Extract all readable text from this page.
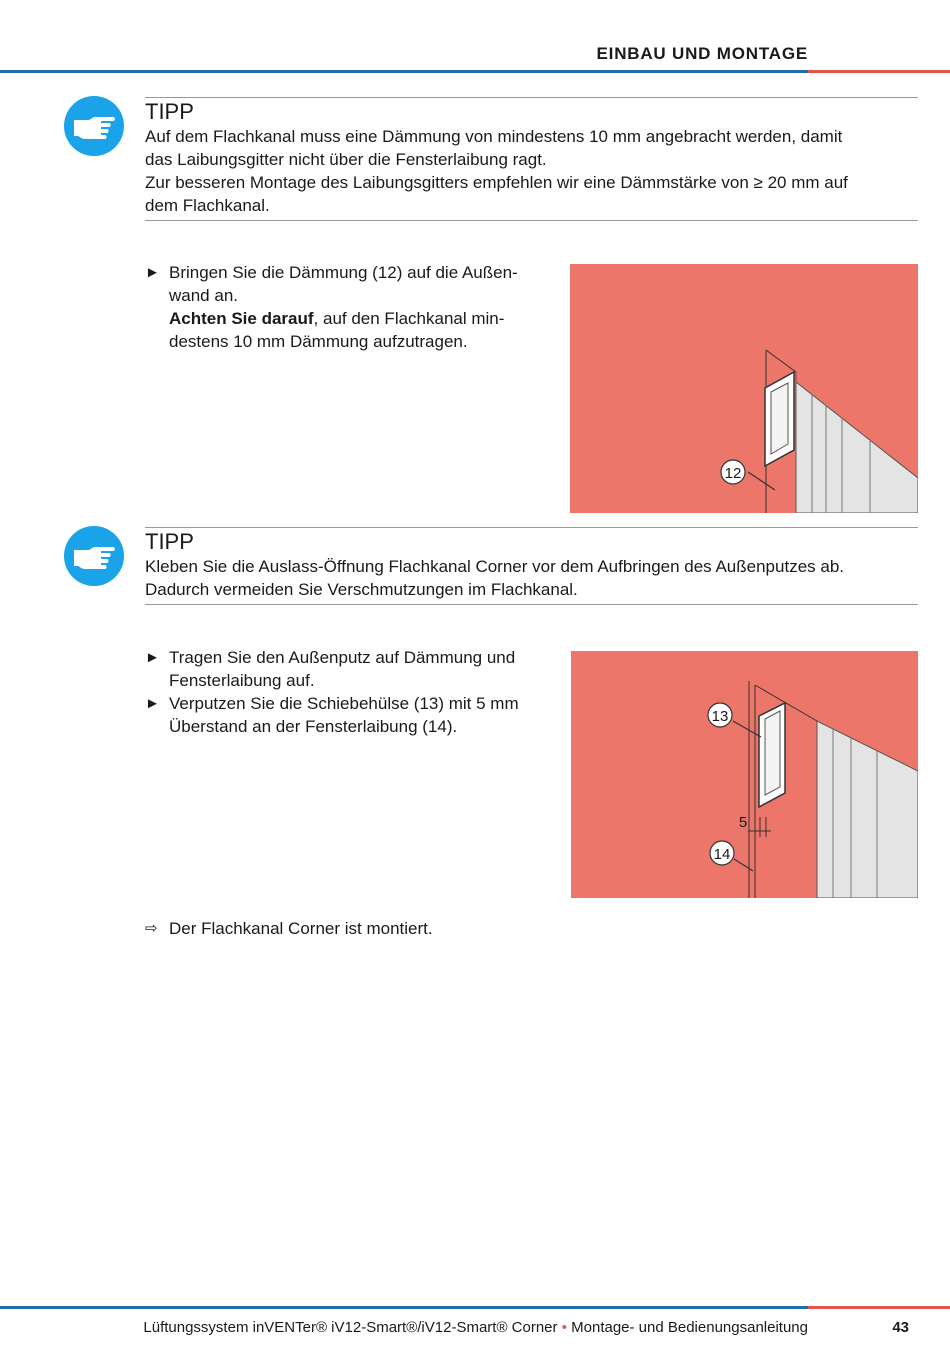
EINBAU UND MONTAGE
TIPP
Auf dem Flachkanal muss eine Dämmung von mindestens 10 mm angebracht werden, damit
das Laibungsgitter nicht über die Fensterlaibung ragt.
Zur besseren Montage des Laibungsgitters empfehlen wir eine Dämmstärke von ≥ 20 mm auf
dem Flachkanal.
► Bringen Sie die Dämmung (12) auf die Außen-
wand an.
Achten Sie darauf, auf den Flachkanal min-
destens 10 mm Dämmung aufzutragen.
12
TIPP
Kleben Sie die Auslass-Öffnung Flachkanal Corner vor dem Aufbringen des Außenputzes ab.
Dadurch vermeiden Sie Verschmutzungen im Flachkanal.
► Tragen Sie den Außenputz auf Dämmung und
Fensterlaibung auf.
► Verputzen Sie die Schiebehülse (13) mit 5 mm
Überstand an der Fensterlaibung (14).
5
13
14
⇨ Der Flachkanal Corner ist montiert.
Lüftungssystem inVENTer® iV12-Smart®/iV12-Smart® Corner • Montage- und Bedienungsanleitung	43
